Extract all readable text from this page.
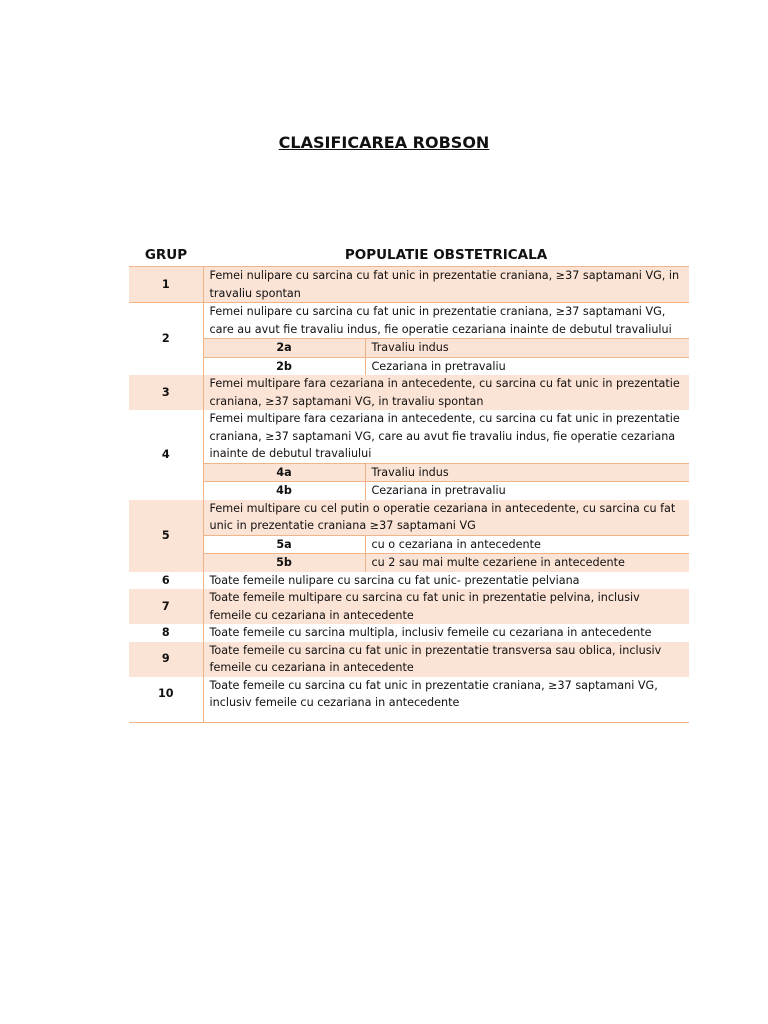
CLASIFICAREA ROBSON
GRUP	POPULATIE OBSTETRICALA	
1	Femei nulipare cu sarcina cu fat unic in prezentatie craniana, ≥37 saptamani VG, in travaliu spontan	
2	Femei nulipare cu sarcina cu fat unic in prezentatie craniana, ≥37 saptamani VG, care au avut fie travaliu indus, fie operatie cezariana inainte de debutul travaliului	
	2a	Travaliu indus
	2b	Cezariana in pretravaliu
3	Femei multipare fara cezariana in antecedente, cu sarcina cu fat unic in prezentatie craniana, ≥37 saptamani VG, in travaliu spontan	
4	Femei multipare fara cezariana in antecedente, cu sarcina cu fat unic in prezentatie craniana, ≥37 saptamani VG, care au avut fie travaliu indus, fie operatie cezariana inainte de debutul travaliului	
	4a	Travaliu indus
	4b	Cezariana in pretravaliu
5	Femei multipare cu cel putin o operatie cezariana in antecedente, cu sarcina cu fat unic in prezentatie craniana ≥37 saptamani VG	
	5a	cu o cezariana in antecedente
	5b	cu 2 sau mai multe cezariene in antecedente
6	Toate femeile nulipare cu sarcina cu fat unic- prezentatie pelviana	
7	Toate femeile multipare cu sarcina cu fat unic in prezentatie pelvina, inclusiv femeile cu cezariana in antecedente	
8	Toate femeile cu sarcina multipla, inclusiv femeile cu cezariana in antecedente	
9	Toate femeile cu sarcina cu fat unic in prezentatie transversa sau oblica, inclusiv femeile cu cezariana in antecedente	
10	Toate femeile cu sarcina cu fat unic in prezentatie craniana, ≥37 saptamani VG, inclusiv femeile cu cezariana in antecedente	
